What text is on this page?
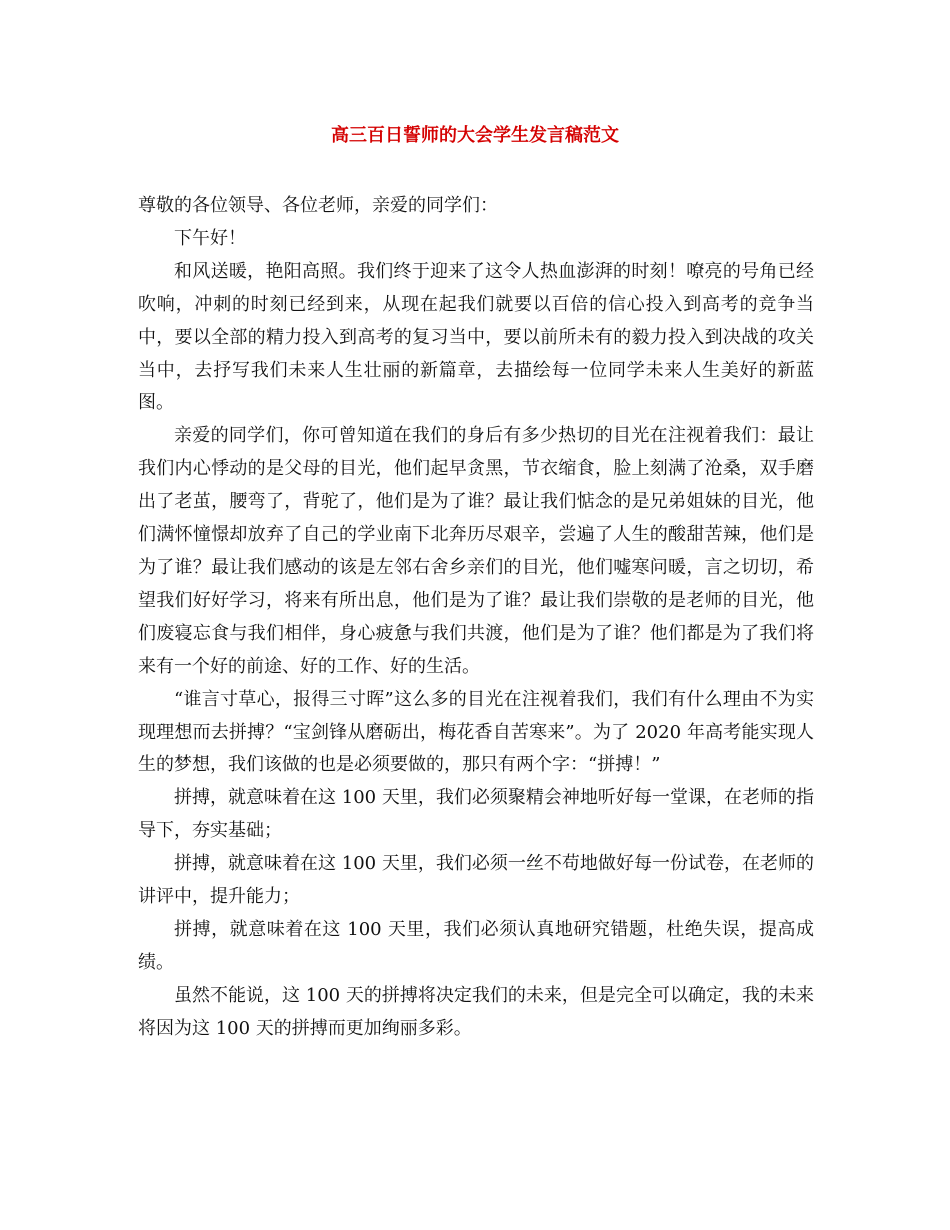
高三百日誓师的大会学生发言稿范文

尊敬的各位领导、各位老师，亲爱的同学们：

下午好！

和风送暖，艳阳高照。我们终于迎来了这令人热血澎湃的时刻！嘹亮的号角已经吹响，冲刺的时刻已经到来，从现在起我们就要以百倍的信心投入到高考的竞争当中，要以全部的精力投入到高考的复习当中，要以前所未有的毅力投入到决战的攻关当中，去抒写我们未来人生壮丽的新篇章，去描绘每一位同学未来人生美好的新蓝图。

亲爱的同学们，你可曾知道在我们的身后有多少热切的目光在注视着我们：最让我们内心悸动的是父母的目光，他们起早贪黑，节衣缩食，脸上刻满了沧桑，双手磨出了老茧，腰弯了，背驼了，他们是为了谁？最让我们惦念的是兄弟姐妹的目光，他们满怀憧憬却放弃了自己的学业南下北奔历尽艰辛，尝遍了人生的酸甜苦辣，他们是为了谁？最让我们感动的该是左邻右舍乡亲们的目光，他们嘘寒问暖，言之切切，希望我们好好学习，将来有所出息，他们是为了谁？最让我们崇敬的是老师的目光，他们废寝忘食与我们相伴，身心疲惫与我们共渡，他们是为了谁？他们都是为了我们将来有一个好的前途、好的工作、好的生活。

“谁言寸草心，报得三寸晖”这么多的目光在注视着我们，我们有什么理由不为实现理想而去拼搏？“宝剑锋从磨砺出，梅花香自苦寒来”。为了 2020 年高考能实现人生的梦想，我们该做的也是必须要做的，那只有两个字：“拼搏！”

拼搏，就意味着在这 100 天里，我们必须聚精会神地听好每一堂课，在老师的指导下，夯实基础；

拼搏，就意味着在这 100 天里，我们必须一丝不苟地做好每一份试卷，在老师的讲评中，提升能力；

拼搏，就意味着在这 100 天里，我们必须认真地研究错题，杜绝失误，提高成绩。

虽然不能说，这 100 天的拼搏将决定我们的未来，但是完全可以确定，我的未来将因为这 100 天的拼搏而更加绚丽多彩。
